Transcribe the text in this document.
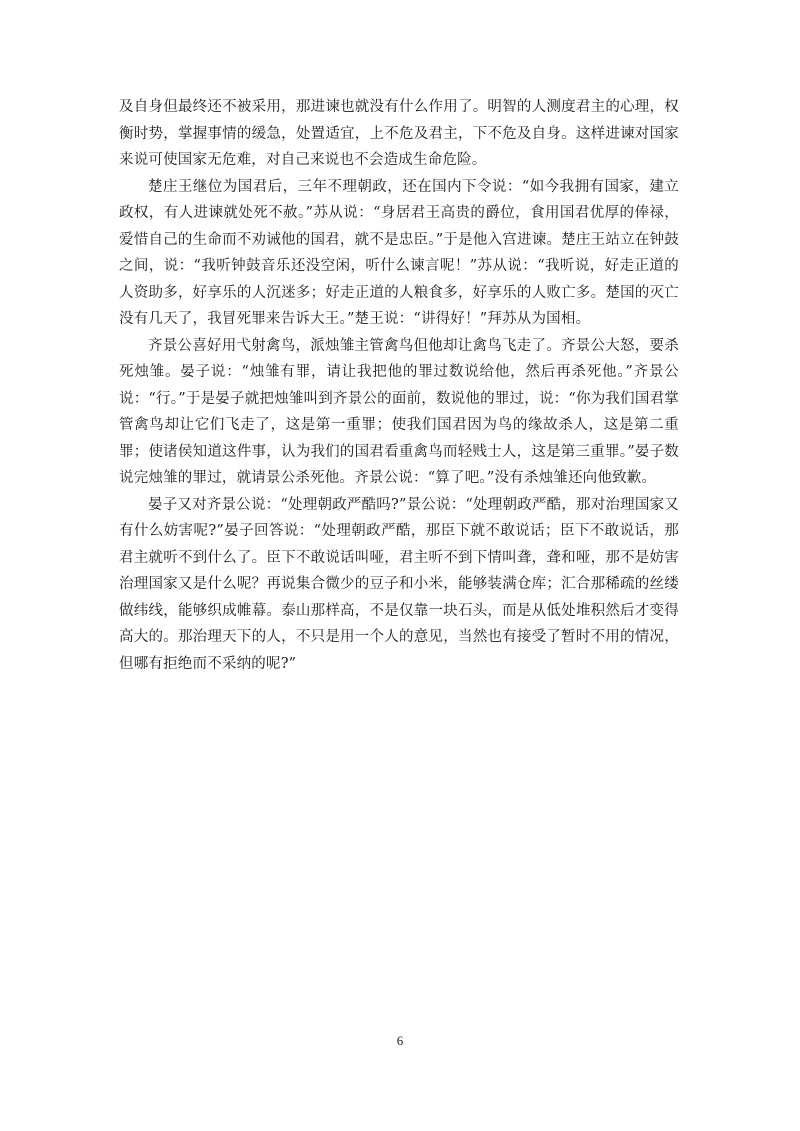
及自身但最终还不被采用，那进谏也就没有什么作用了。明智的人测度君主的心理，权衡时势，掌握事情的缓急，处置适宜，上不危及君主，下不危及自身。这样进谏对国家来说可使国家无危难，对自己来说也不会造成生命危险。

楚庄王继位为国君后，三年不理朝政，还在国内下令说：“如今我拥有国家，建立政权，有人进谏就处死不赦。”苏从说：“身居君王高贵的爵位，食用国君优厚的俸禄，爱惜自己的生命而不劝诫他的国君，就不是忠臣。”于是他入宫进谏。楚庄王站立在钟鼓之间，说：“我听钟鼓音乐还没空闲，听什么谏言呢！”苏从说：“我听说，好走正道的人资助多，好享乐的人沉迷多；好走正道的人粮食多，好享乐的人败亡多。楚国的灭亡没有几天了，我冒死罪来告诉大王。”楚王说：“讲得好！”拜苏从为国相。

齐景公喜好用弋射禽鸟，派烛雏主管禽鸟但他却让禽鸟飞走了。齐景公大怒，要杀死烛雏。晏子说：“烛雏有罪，请让我把他的罪过数说给他，然后再杀死他。”齐景公说：“行。”于是晏子就把烛雏叫到齐景公的面前，数说他的罪过，说：“你为我们国君掌管禽鸟却让它们飞走了，这是第一重罪；使我们国君因为鸟的缘故杀人，这是第二重罪；使诸侯知道这件事，认为我们的国君看重禽鸟而轻贱士人，这是第三重罪。”晏子数说完烛雏的罪过，就请景公杀死他。齐景公说：“算了吧。”没有杀烛雏还向他致歉。

晏子又对齐景公说：“处理朝政严酷吗?”景公说：“处理朝政严酷，那对治理国家又有什么妨害呢?”晏子回答说：“处理朝政严酷，那臣下就不敢说话；臣下不敢说话，那君主就听不到什么了。臣下不敢说话叫哑，君主听不到下情叫聋，聋和哑，那不是妨害治理国家又是什么呢？再说集合微少的豆子和小米，能够装满仓库；汇合那稀疏的丝缕做纬线，能够织成帷幕。泰山那样高，不是仅靠一块石头，而是从低处堆积然后才变得高大的。那治理天下的人，不只是用一个人的意见，当然也有接受了暂时不用的情况，但哪有拒绝而不采纳的呢?”

6
